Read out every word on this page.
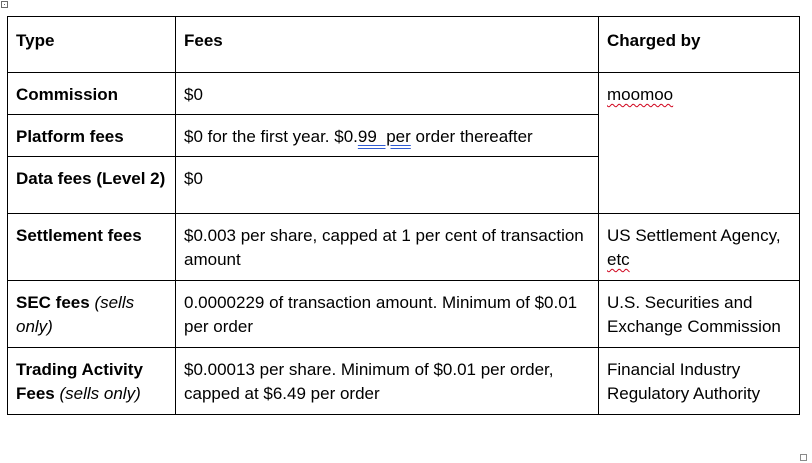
Type	Fees	Charged by
Commission	$0	moomoo
Platform fees	$0 for the first year. $0.99  per order thereafter	
Data fees (Level 2)	$0	
Settlement fees	$0.003 per share, capped at 1 per cent of transaction amount	US Settlement Agency, etc
SEC fees (sells only)	0.0000229 of transaction amount. Minimum of $0.01 per order	U.S. Securities and Exchange Commission
Trading Activity Fees (sells only)	$0.00013 per share. Minimum of $0.01 per order, capped at $6.49 per order	Financial Industry Regulatory Authority
